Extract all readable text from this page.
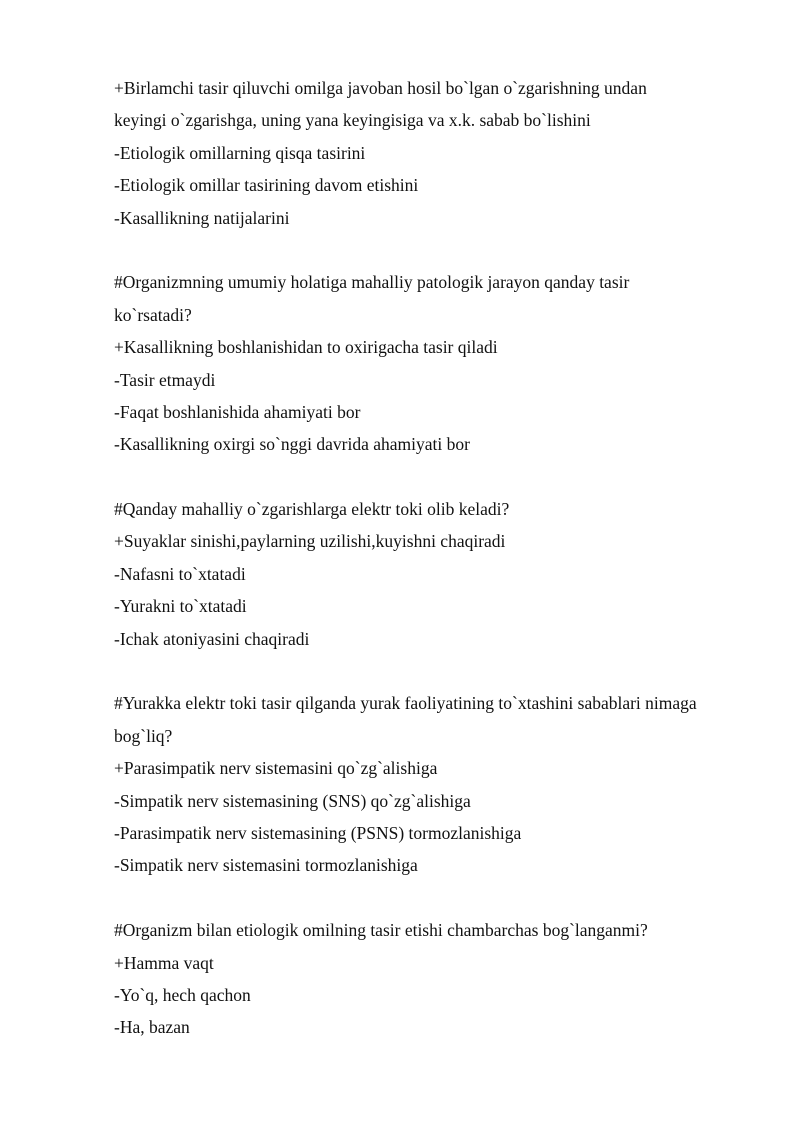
+Birlamchi tasir qiluvchi omilga javoban hosil bo`lgan o`zgarishning undan
keyingi o`zgarishga, uning yana keyingisiga va x.k. sabab bo`lishini
-Etiologik omillarning qisqa tasirini
-Etiologik omillar tasirining davom etishini
-Kasallikning natijalarini
#Organizmning umumiy holatiga mahalliy patologik jarayon qanday tasir
ko`rsatadi?
+Kasallikning boshlanishidan to oxirigacha tasir qiladi
-Tasir etmaydi
-Faqat boshlanishida ahamiyati bor
-Kasallikning oxirgi so`nggi davrida ahamiyati bor
#Qanday mahalliy o`zgarishlarga elektr toki olib keladi?
+Suyaklar sinishi,paylarning uzilishi,kuyishni chaqiradi
-Nafasni to`xtatadi
-Yurakni to`xtatadi
-Ichak atoniyasini chaqiradi
#Yurakka elektr toki tasir qilganda yurak faoliyatining to`xtashini sabablari nimaga
bog`liq?
+Parasimpatik nerv sistemasini qo`zg`alishiga
-Simpatik nerv sistemasining (SNS) qo`zg`alishiga
-Parasimpatik nerv sistemasining (PSNS) tormozlanishiga
-Simpatik nerv sistemasini tormozlanishiga
#Organizm bilan etiologik omilning tasir etishi chambarchas bog`langanmi?
+Hamma vaqt
-Yo`q, hech qachon
-Ha, bazan
